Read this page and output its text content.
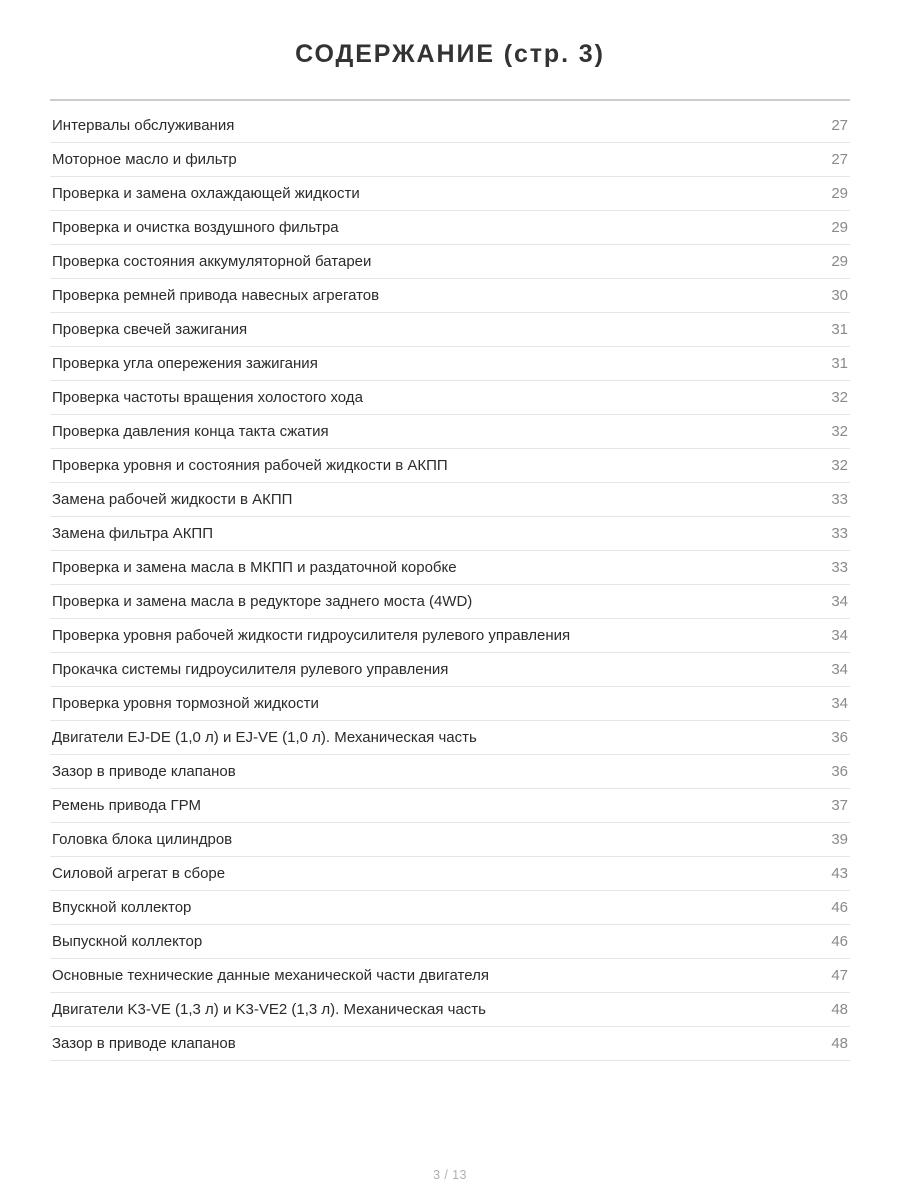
СОДЕРЖАНИЕ (стр. 3)
Интервалы обслуживания	27
Моторное масло и фильтр	27
Проверка и замена охлаждающей жидкости	29
Проверка и очистка воздушного фильтра	29
Проверка состояния аккумуляторной батареи	29
Проверка ремней привода навесных агрегатов	30
Проверка свечей зажигания	31
Проверка угла опережения зажигания	31
Проверка частоты вращения холостого хода	32
Проверка давления конца такта сжатия	32
Проверка уровня и состояния рабочей жидкости в АКПП	32
Замена рабочей жидкости в АКПП	33
Замена фильтра АКПП	33
Проверка и замена масла в МКПП и раздаточной коробке	33
Проверка и замена масла в редукторе заднего моста (4WD)	34
Проверка уровня рабочей жидкости гидроусилителя рулевого управления	34
Прокачка системы гидроусилителя рулевого управления	34
Проверка уровня тормозной жидкости	34
Двигатели EJ-DE (1,0 л) и EJ-VE (1,0 л). Механическая часть	36
Зазор в приводе клапанов	36
Ремень привода ГРМ	37
Головка блока цилиндров	39
Силовой агрегат в сборе	43
Впускной коллектор	46
Выпускной коллектор	46
Основные технические данные механической части двигателя	47
Двигатели K3-VE (1,3 л) и K3-VE2 (1,3 л). Механическая часть	48
Зазор в приводе клапанов	48
3 / 13
